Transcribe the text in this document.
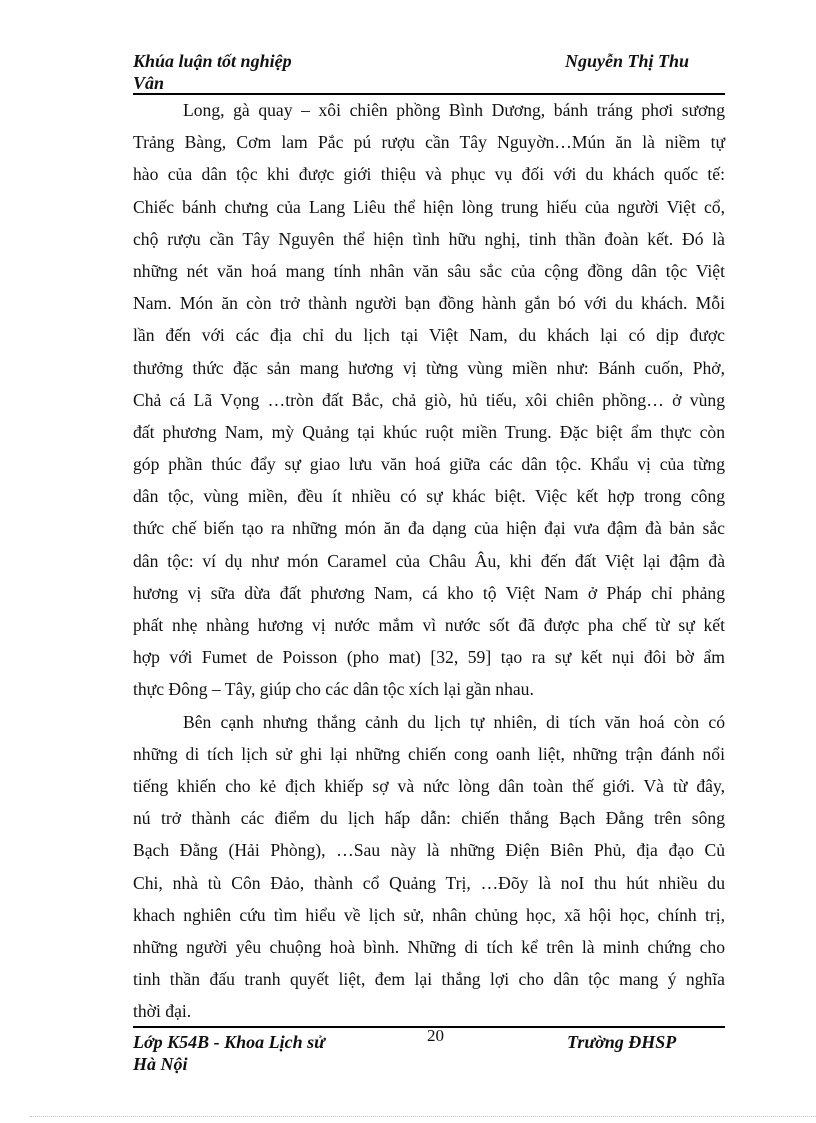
Khúa luận tốt nghiệp	Nguyễn Thị Thu
Vân
Long, gà quay – xôi chiên phồng Bình Dương, bánh tráng phơi sương
Trảng Bàng, Cơm lam Pắc pú rượu cần Tây Nguyờn…Mún ăn là niềm tự
hào của dân tộc khi được giới thiệu và phục vụ đối với du khách quốc tế:
Chiếc bánh chưng của Lang Liêu thể hiện lòng trung hiếu của người Việt cổ,
chộ rượu cần Tây Nguyên thể hiện tình hữu nghị, tinh thần đoàn kết. Đó là
những nét văn hoá mang tính nhân văn sâu sắc của cộng đồng dân tộc Việt
Nam. Món ăn còn trở thành người bạn đồng hành gắn bó với du khách. Mỗi
lần đến với các địa chỉ du lịch tại Việt Nam, du khách lại có dịp được
thưởng thức đặc sản mang hương vị từng vùng miền như: Bánh cuốn, Phở,
Chả cá Lã Vọng …tròn đất Bắc, chả giò, hủ tiếu, xôi chiên phồng… ở vùng
đất phương Nam, mỳ Quảng tại khúc ruột miền Trung. Đặc biệt ẩm thực còn
góp phần thúc đẩy sự giao lưu văn hoá giữa các dân tộc. Khẩu vị của từng
dân tộc, vùng miền, đều ít nhiều có sự khác biệt. Việc kết hợp trong công
thức chế biến tạo ra những món ăn đa dạng của hiện đại vưa đậm đà bản sắc
dân tộc: ví dụ như món Caramel của Châu Âu, khi đến đất Việt lại đậm đà
hương vị sữa dừa đất phương Nam, cá kho tộ Việt Nam ở Pháp chỉ phảng
phất nhẹ nhàng hương vị nước mắm vì nước sốt đã được pha chế từ sự kết
hợp với Fumet de Poisson (pho mat) [32, 59] tạo ra sự kết nụi đôi bờ ẩm
thực Đông – Tây, giúp cho các dân tộc xích lại gần nhau.
Bên cạnh nhưng thắng cảnh du lịch tự nhiên, di tích văn hoá còn có
những di tích lịch sử ghi lại những chiến cong oanh liệt, những trận đánh nổi
tiếng khiến cho kẻ địch khiếp sợ và nức lòng dân toàn thế giới. Và từ đây,
nú trở thành các điểm du lịch hấp dẫn: chiến thắng Bạch Đằng trên sông
Bạch Đằng (Hải Phòng), …Sau này là những Điện Biên Phủ, địa đạo Củ
Chi, nhà tù Côn Đảo, thành cổ Quảng Trị, …Đõy là noI thu hút nhiều du
khach nghiên cứu tìm hiểu về lịch sử, nhân chủng học, xã hội học, chính trị,
những người yêu chuộng hoà bình. Những di tích kể trên là minh chứng cho
tinh thần đấu tranh quyết liệt, đem lại thắng lợi cho dân tộc mang ý nghĩa
thời đại.
Lớp K54B - Khoa Lịch sử	20	Trường ĐHSP
Hà Nội
